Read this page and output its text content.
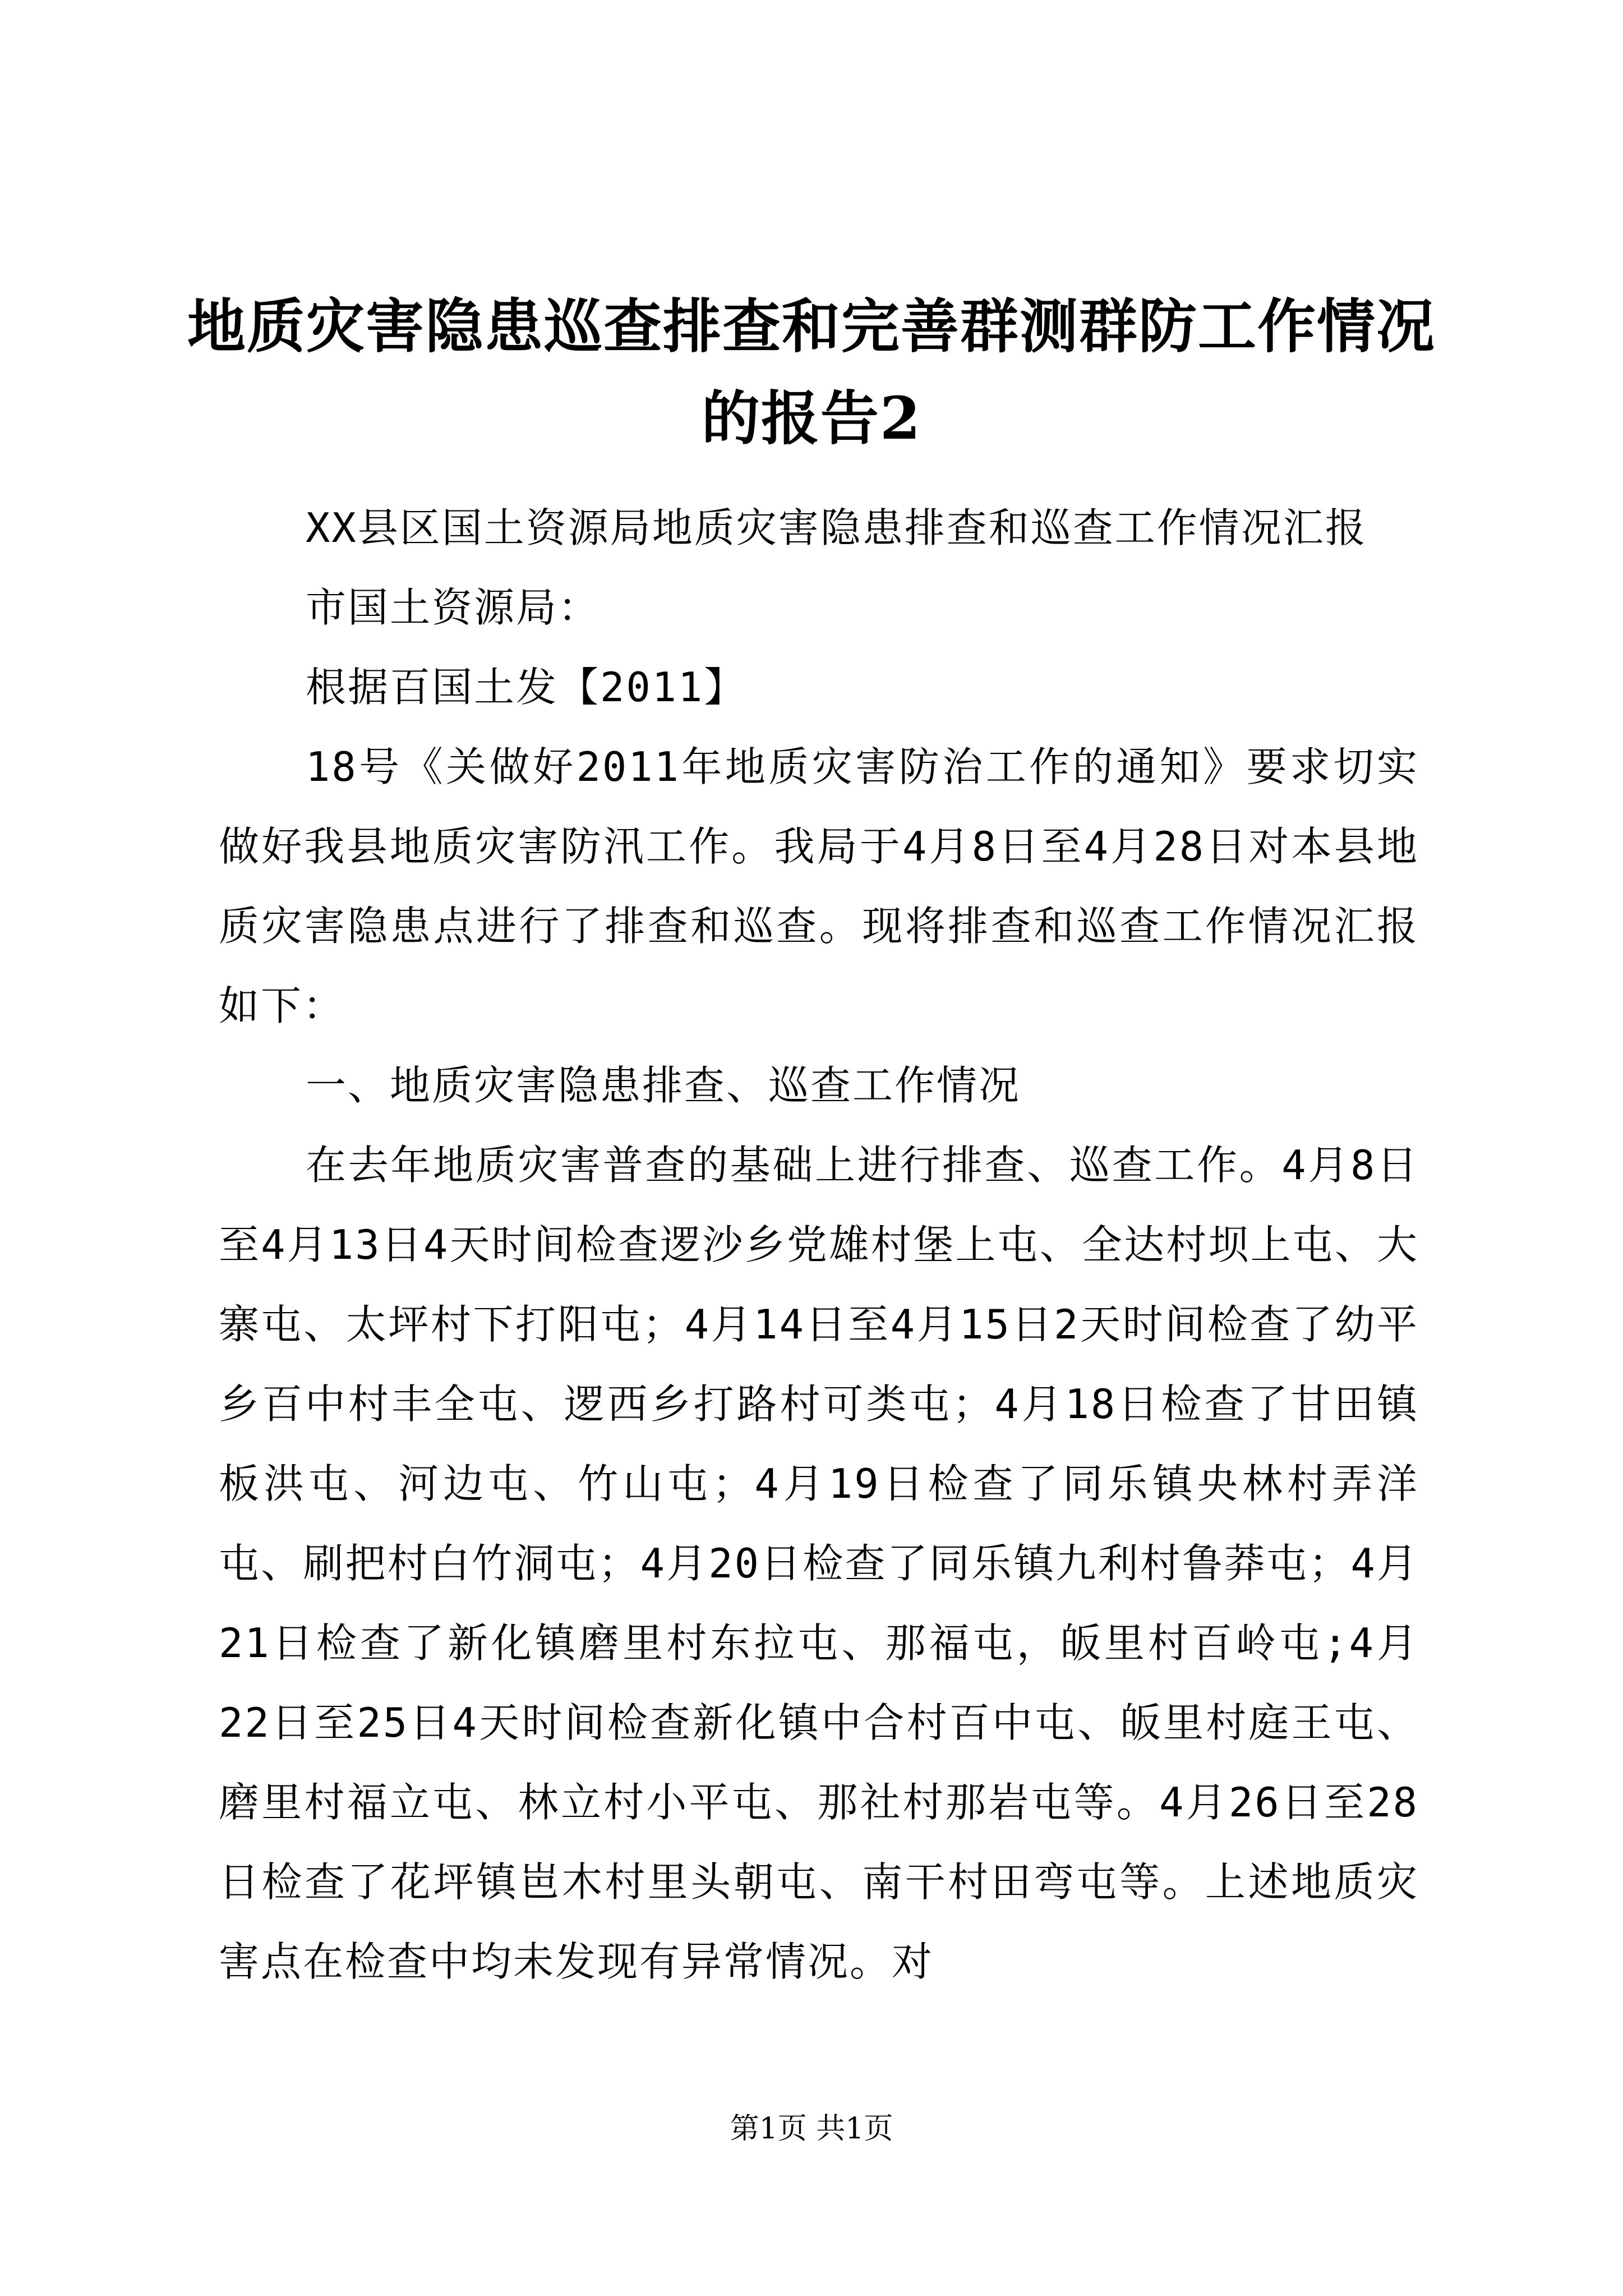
地质灾害隐患巡查排查和完善群测群防工作情况的报告2

XX县区国土资源局地质灾害隐患排查和巡查工作情况汇报

市国土资源局：

根据百国土发【2011】

18号《关做好2011年地质灾害防治工作的通知》要求切实做好我县地质灾害防汛工作。我局于4月8日至4月28日对本县地质灾害隐患点进行了排查和巡查。现将排查和巡查工作情况汇报如下：

一、地质灾害隐患排查、巡查工作情况

在去年地质灾害普查的基础上进行排查、巡查工作。4月8日至4月13日4天时间检查逻沙乡党雄村堡上屯、全达村坝上屯、大寨屯、太坪村下打阳屯；4月14日至4月15日2天时间检查了幼平乡百中村丰全屯、逻西乡打路村可类屯；4月18日检查了甘田镇板洪屯、河边屯、竹山屯；4月19日检查了同乐镇央林村弄洋屯、刷把村白竹洞屯；4月20日检查了同乐镇九利村鲁莽屯；4月21日检查了新化镇磨里村东拉屯、那福屯，皈里村百岭屯;4月22日至25日4天时间检查新化镇中合村百中屯、皈里村庭王屯、磨里村福立屯、林立村小平屯、那社村那岩屯等。4月26日至28日检查了花坪镇岜木村里头朝屯、南干村田弯屯等。上述地质灾害点在检查中均未发现有异常情况。对

第1页 共1页
